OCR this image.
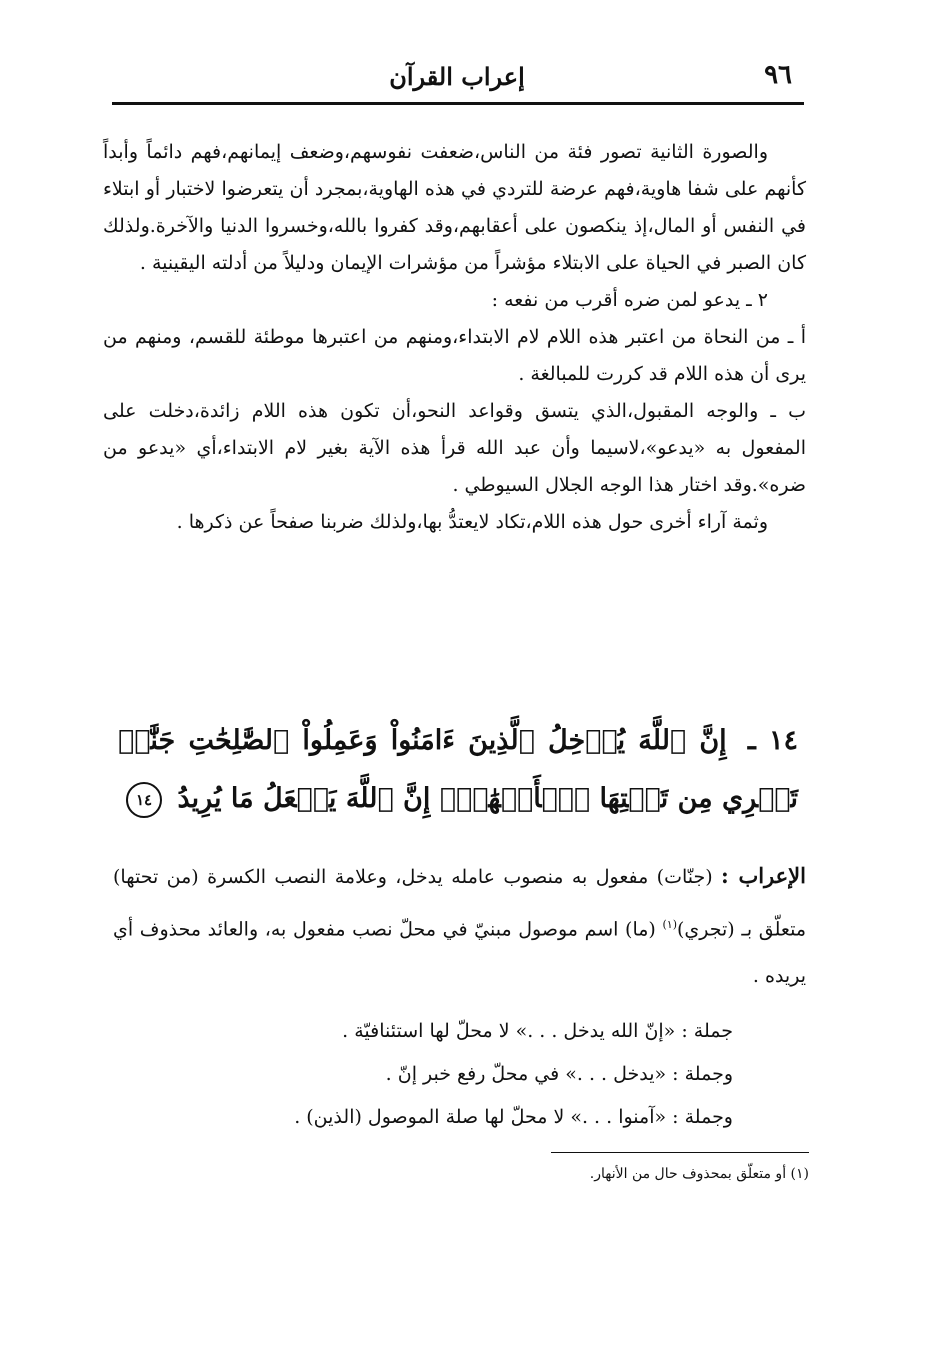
٩٦
إعراب القرآن

والصورة الثانية تصور فئة من الناس،ضعفت نفوسهم،وضعف إيمانهم،فهم دائماً وأبداً كأنهم على شفا هاوية،فهم عرضة للتردي في هذه الهاوية،بمجرد أن يتعرضوا لاختبار أو ابتلاء في النفس أو المال،إذ ينكصون على أعقابهم،وقد كفروا بالله،وخسروا الدنيا والآخرة.ولذلك كان الصبر في الحياة على الابتلاء مؤشراً من مؤشرات الإيمان ودليلاً من أدلته اليقينية .

٢ ـ يدعو لمن ضره أقرب من نفعه :

أ ـ من النحاة من اعتبر هذه اللام لام الابتداء،ومنهم من اعتبرها موطئة للقسم، ومنهم من يرى أن هذه اللام قد كررت للمبالغة .

ب ـ والوجه المقبول،الذي يتسق وقواعد النحو،أن تكون هذه اللام زائدة،دخلت على المفعول به «يدعو»،لاسيما وأن عبد الله قرأ هذه الآية بغير لام الابتداء،أي «يدعو من ضره».وقد اختار هذا الوجه الجلال السيوطي .

وثمة آراء أخرى حول هذه اللام،تكاد لايعتدُّ بها،ولذلك ضربنا صفحاً عن ذكرها .

١٤ ـ إِنَّ ٱللَّهَ يُدۡخِلُ ٱلَّذِينَ ءَامَنُواْ وَعَمِلُواْ ٱلصَّٰلِحَٰتِ جَنَّٰتٖ تَجۡرِي مِن تَحۡتِهَا ٱلۡأَنۡهَٰرُۚ إِنَّ ٱللَّهَ يَفۡعَلُ مَا يُرِيدُ ١٤
الإعراب : (جنّات) مفعول به منصوب عامله يدخل، وعلامة النصب الكسرة (من تحتها) متعلّق بـ (تجري)$^{(١)}$ (ما) اسم موصول مبنيّ في محلّ نصب مفعول به، والعائد محذوف أي يريده .
جملة : «إنّ الله يدخل . . .» لا محلّ لها استئنافيّة .
وجملة : «يدخل . . .» في محلّ رفع خبر إنّ .
وجملة : «آمنوا . . .» لا محلّ لها صلة الموصول (الذين) .
(١) أو متعلّق بمحذوف حال من الأنهار.
